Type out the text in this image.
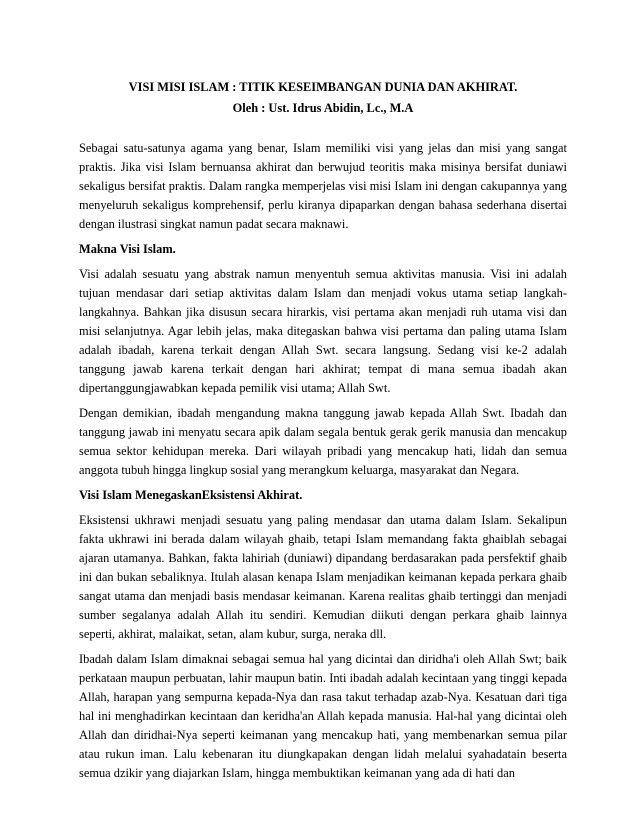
VISI MISI ISLAM : TITIK KESEIMBANGAN DUNIA DAN AKHIRAT.
Oleh : Ust. Idrus Abidin, Lc., M.A

Sebagai satu-satunya agama yang benar, Islam memiliki visi yang jelas dan misi yang sangat praktis. Jika visi Islam bernuansa akhirat dan berwujud teoritis maka misinya bersifat duniawi sekaligus bersifat praktis. Dalam rangka memperjelas visi misi Islam ini dengan cakupannya yang menyeluruh sekaligus komprehensif, perlu kiranya dipaparkan dengan bahasa sederhana disertai dengan ilustrasi singkat namun padat secara maknawi.

Makna Visi Islam.

Visi adalah sesuatu yang abstrak namun menyentuh semua aktivitas manusia. Visi ini adalah tujuan mendasar dari setiap aktivitas dalam Islam dan menjadi vokus utama setiap langkah-langkahnya. Bahkan jika disusun secara hirarkis, visi pertama akan menjadi ruh utama visi dan misi selanjutnya. Agar lebih jelas, maka ditegaskan bahwa visi pertama dan paling utama Islam adalah ibadah, karena terkait dengan Allah Swt. secara langsung. Sedang visi ke-2 adalah tanggung jawab karena terkait dengan hari akhirat; tempat di mana semua ibadah akan dipertanggungjawabkan kepada pemilik visi utama; Allah Swt.

Dengan demikian, ibadah mengandung makna tanggung jawab kepada Allah Swt. Ibadah dan tanggung jawab ini menyatu secara apik dalam segala bentuk gerak gerik manusia dan mencakup semua sektor kehidupan mereka. Dari wilayah pribadi yang mencakup hati, lidah dan semua anggota tubuh hingga lingkup sosial yang merangkum keluarga, masyarakat dan Negara.

Visi Islam MenegaskanEksistensi Akhirat.

Eksistensi ukhrawi menjadi sesuatu yang paling mendasar dan utama dalam Islam. Sekalipun fakta ukhrawi ini berada dalam wilayah ghaib, tetapi Islam memandang fakta ghaiblah sebagai ajaran utamanya. Bahkan, fakta lahiriah (duniawi) dipandang berdasarakan pada persfektif ghaib ini dan bukan sebaliknya. Itulah alasan kenapa Islam menjadikan keimanan kepada perkara ghaib sangat utama dan menjadi basis mendasar keimanan. Karena realitas ghaib tertinggi dan menjadi sumber segalanya adalah Allah itu sendiri. Kemudian diikuti dengan perkara ghaib lainnya seperti, akhirat, malaikat, setan, alam kubur, surga, neraka dll.

Ibadah dalam Islam dimaknai sebagai semua hal yang dicintai dan diridha'i oleh Allah Swt; baik perkataan maupun perbuatan, lahir maupun batin. Inti ibadah adalah kecintaan yang tinggi kepada Allah, harapan yang sempurna kepada-Nya dan rasa takut terhadap azab-Nya. Kesatuan dari tiga hal ini menghadirkan kecintaan dan keridha'an Allah kepada manusia. Hal-hal yang dicintai oleh Allah dan diridhai-Nya seperti keimanan yang mencakup hati, yang membenarkan semua pilar atau rukun iman. Lalu kebenaran itu diungkapakan dengan lidah melalui syahadatain beserta semua dzikir yang diajarkan Islam, hingga membuktikan keimanan yang ada di hati dan
